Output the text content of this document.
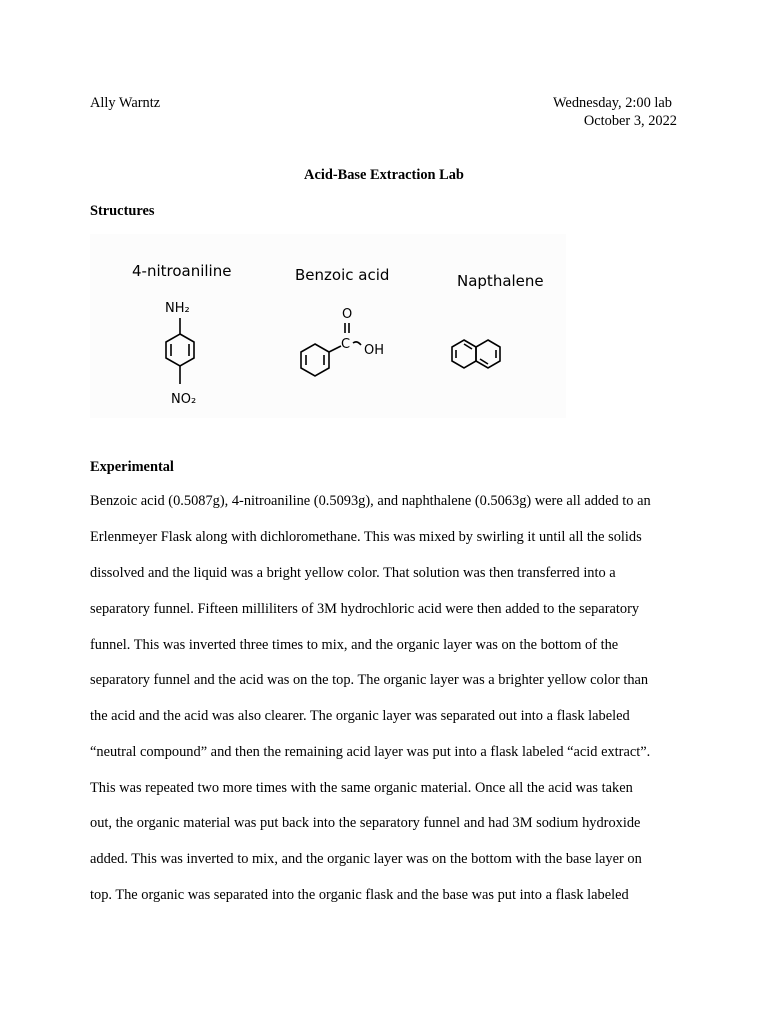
Ally Warntz	Wednesday, 2:00 lab
October 3, 2022
Acid-Base Extraction Lab
Structures
4-nitroaniline	Benzoic acid	Napthalene
NH₂
NO₂
O
C OH
Experimental
Benzoic acid (0.5087g), 4-nitroaniline (0.5093g), and naphthalene (0.5063g) were all added to an
Erlenmeyer Flask along with dichloromethane. This was mixed by swirling it until all the solids
dissolved and the liquid was a bright yellow color. That solution was then transferred into a
separatory funnel. Fifteen milliliters of 3M hydrochloric acid were then added to the separatory
funnel. This was inverted three times to mix, and the organic layer was on the bottom of the
separatory funnel and the acid was on the top. The organic layer was a brighter yellow color than
the acid and the acid was also clearer. The organic layer was separated out into a flask labeled
“neutral compound” and then the remaining acid layer was put into a flask labeled “acid extract”.
This was repeated two more times with the same organic material. Once all the acid was taken
out, the organic material was put back into the separatory funnel and had 3M sodium hydroxide
added. This was inverted to mix, and the organic layer was on the bottom with the base layer on
top. The organic was separated into the organic flask and the base was put into a flask labeled
